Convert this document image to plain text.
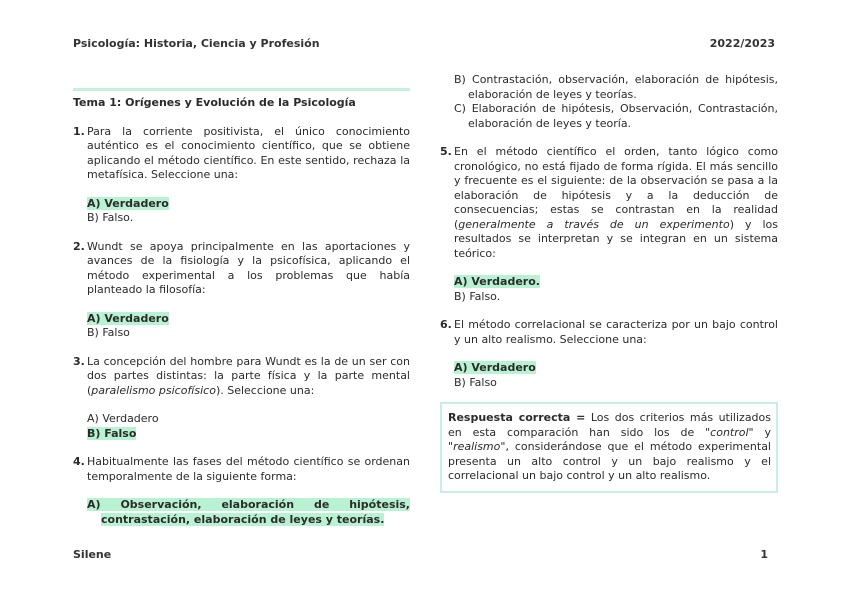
Psicología: Historia, Ciencia y Profesión	2022/2023
Tema 1: Orígenes y Evolución de la Psicología
1. Para la corriente positivista, el único conocimiento auténtico es el conocimiento científico, que se obtiene aplicando el método científico. En este sentido, rechaza la metafísica. Seleccione una:
A) Verdadero
B) Falso.
2. Wundt se apoya principalmente en las aportaciones y avances de la fisiología y la psicofísica, aplicando el método experimental a los problemas que había planteado la filosofía:
A) Verdadero
B) Falso
3. La concepción del hombre para Wundt es la de un ser con dos partes distintas: la parte física y la parte mental (paralelismo psicofísico). Seleccione una:
A) Verdadero
B) Falso
4. Habitualmente las fases del método científico se ordenan temporalmente de la siguiente forma:
A) Observación, elaboración de hipótesis, contrastación, elaboración de leyes y teorías.
B) Contrastación, observación, elaboración de hipótesis, elaboración de leyes y teorías.
C) Elaboración de hipótesis, Observación, Contrastación, elaboración de leyes y teoría.
5. En el método científico el orden, tanto lógico como cronológico, no está fijado de forma rígida. El más sencillo y frecuente es el siguiente: de la observación se pasa a la elaboración de hipótesis y a la deducción de consecuencias; estas se contrastan en la realidad (generalmente a través de un experimento) y los resultados se interpretan y se integran en un sistema teórico:
A) Verdadero.
B) Falso.
6. El método correlacional se caracteriza por un bajo control y un alto realismo. Seleccione una:
A) Verdadero
B) Falso
Respuesta correcta = Los dos criterios más utilizados en esta comparación han sido los de "control" y "realismo", considerándose que el método experimental presenta un alto control y un bajo realismo y el correlacional un bajo control y un alto realismo.
Silene	1
